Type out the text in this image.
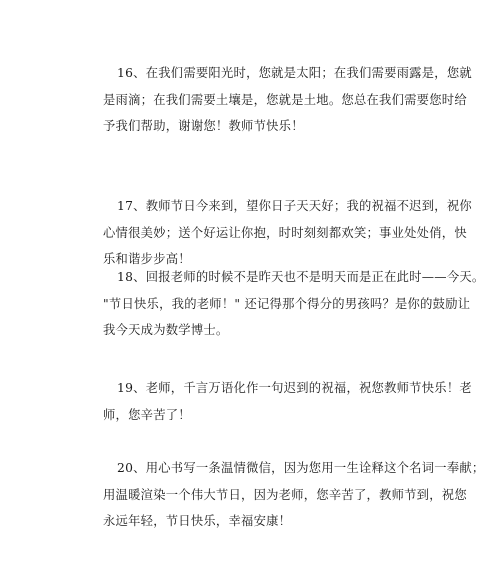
16、在我们需要阳光时，您就是太阳；在我们需要雨露是，您就
是雨滴；在我们需要土壤是，您就是土地。您总在我们需要您时给
予我们帮助，谢谢您！教师节快乐！
17、教师节日今来到，望你日子天天好；我的祝福不迟到，祝你
心情很美妙；送个好运让你抱，时时刻刻都欢笑；事业处处俏，快
乐和谐步步高！
18、回报老师的时候不是昨天也不是明天而是正在此时——今天。
"节日快乐，我的老师！" 还记得那个得分的男孩吗？是你的鼓励让
我今天成为数学博士。
19、老师，千言万语化作一句迟到的祝福，祝您教师节快乐！老
师，您辛苦了！
20、用心书写一条温情微信，因为您用一生诠释这个名词一奉献；
用温暖渲染一个伟大节日，因为老师，您辛苦了，教师节到，祝您
永远年轻，节日快乐，幸福安康！
